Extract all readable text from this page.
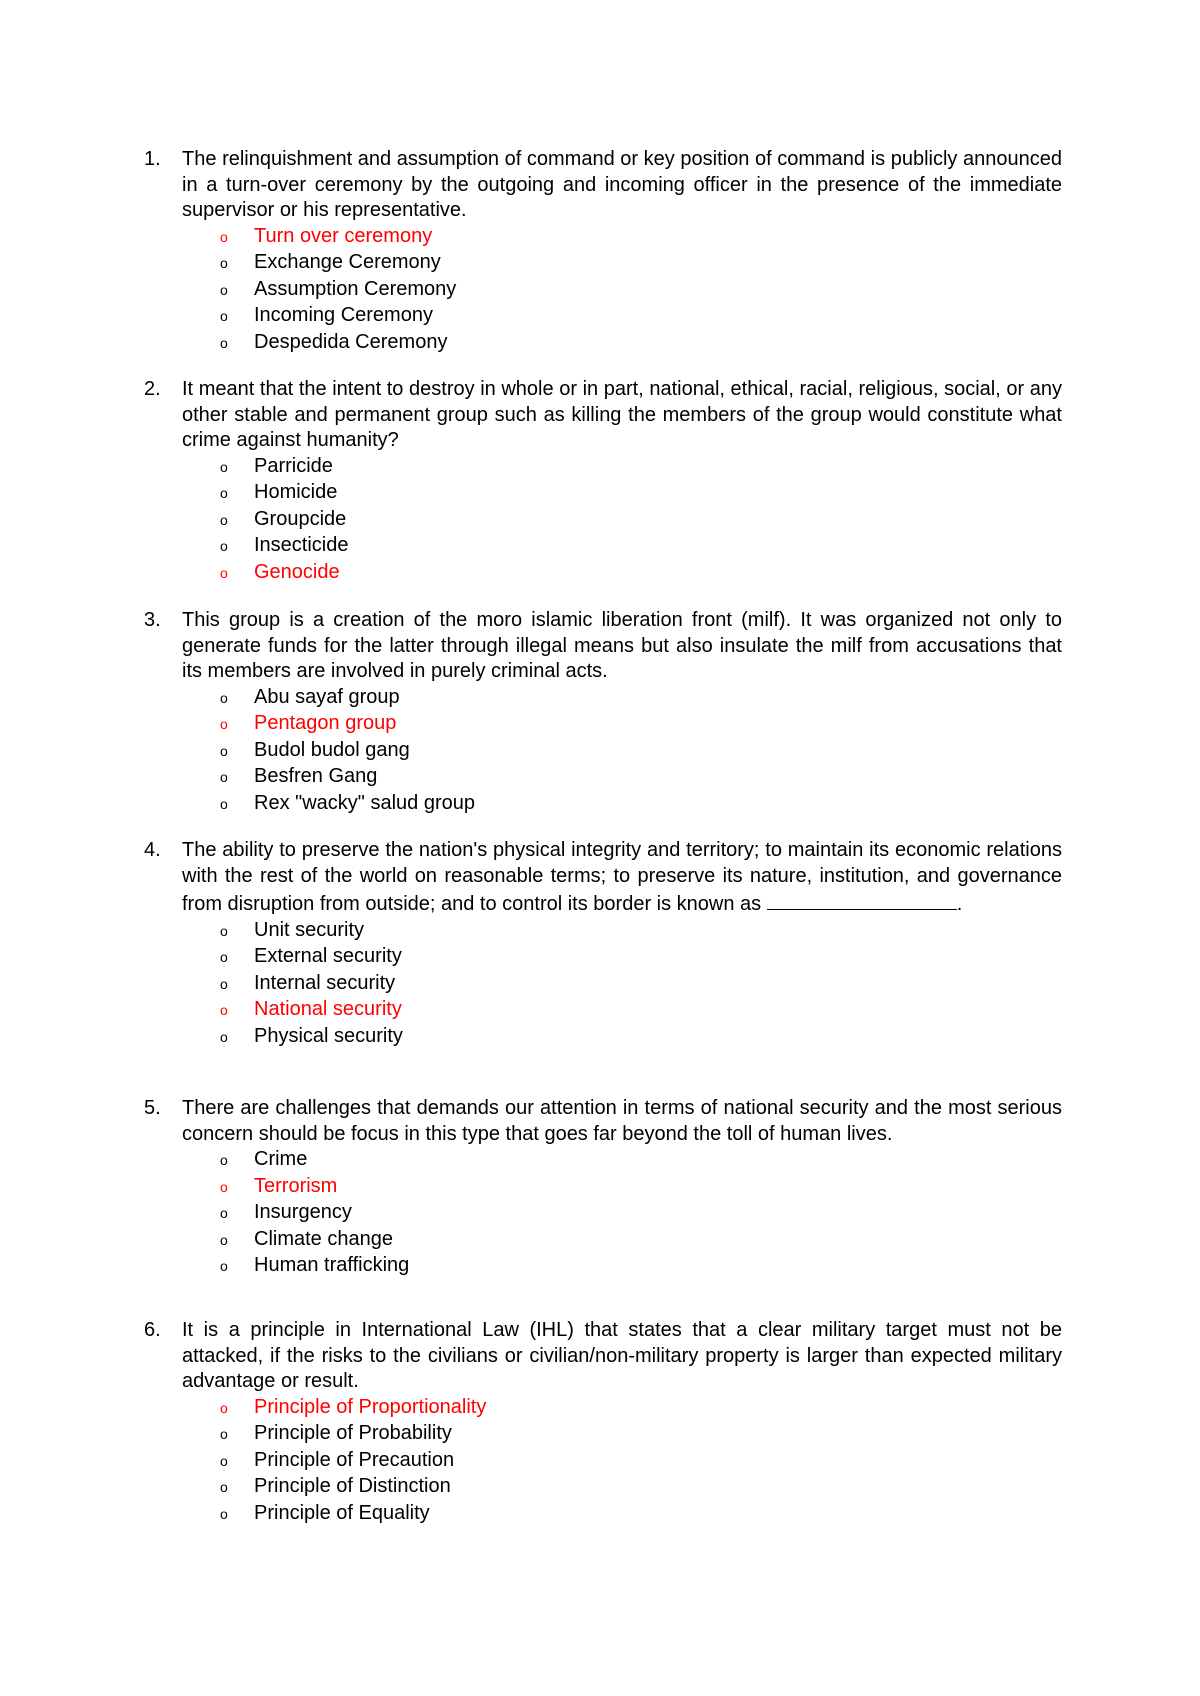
1.	The relinquishment and assumption of command or key position of command is publicly announced in a turn-over ceremony by the outgoing and incoming officer in the presence of the immediate supervisor or his representative.
o	Turn over ceremony
o	Exchange Ceremony
o	Assumption Ceremony
o	Incoming Ceremony
o	Despedida Ceremony
2.	It meant that the intent to destroy in whole or in part, national, ethical, racial, religious, social, or any other stable and permanent group such as killing the members of the group would constitute what crime against humanity?
o	Parricide
o	Homicide
o	Groupcide
o	Insecticide
o	Genocide
3.	This group is a creation of the moro islamic liberation front (milf). It was organized not only to generate funds for the latter through illegal means but also insulate the milf from accusations that its members are involved in purely criminal acts.
o	Abu sayaf group
o	Pentagon group
o	Budol budol gang
o	Besfren Gang
o	Rex "wacky" salud group
4.	The ability to preserve the nation's physical integrity and territory; to maintain its economic relations with the rest of the world on reasonable terms; to preserve its nature, institution, and governance from disruption from outside; and to control its border is known as	.
o	Unit security
o	External security
o	Internal security
o	National security
o	Physical security
5.	There are challenges that demands our attention in terms of national security and the most serious concern should be focus in this type that goes far beyond the toll of human lives.
o	Crime
o	Terrorism
o	Insurgency
o	Climate change
o	Human trafficking
6.	It is a principle in International Law (IHL) that states that a clear military target must not be attacked, if the risks to the civilians or civilian/non-military property is larger than expected military advantage or result.
o	Principle of Proportionality
o	Principle of Probability
o	Principle of Precaution
o	Principle of Distinction
o	Principle of Equality
